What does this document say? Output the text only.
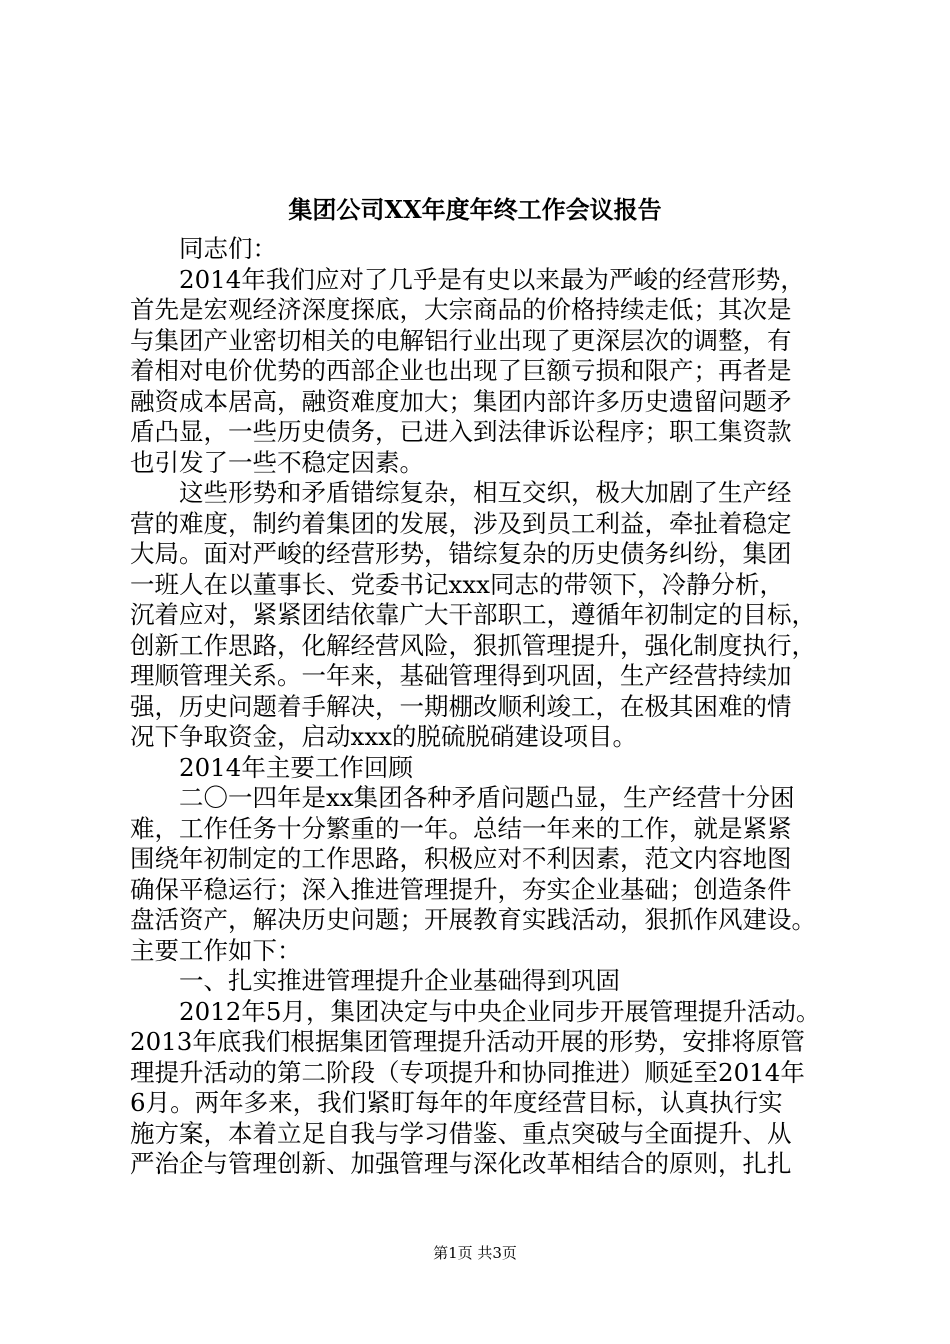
集团公司XX年度年终工作会议报告
同志们：
2014年我们应对了几乎是有史以来最为严峻的经营形势，
首先是宏观经济深度探底，大宗商品的价格持续走低；其次是
与集团产业密切相关的电解铝行业出现了更深层次的调整，有
着相对电价优势的西部企业也出现了巨额亏损和限产；再者是
融资成本居高，融资难度加大；集团内部许多历史遗留问题矛
盾凸显，一些历史债务，已进入到法律诉讼程序；职工集资款
也引发了一些不稳定因素。
这些形势和矛盾错综复杂，相互交织，极大加剧了生产经
营的难度，制约着集团的发展，涉及到员工利益，牵扯着稳定
大局。面对严峻的经营形势，错综复杂的历史债务纠纷，集团
一班人在以董事长、党委书记xxx同志的带领下，冷静分析，
沉着应对，紧紧团结依靠广大干部职工，遵循年初制定的目标，
创新工作思路，化解经营风险，狠抓管理提升，强化制度执行，
理顺管理关系。一年来，基础管理得到巩固，生产经营持续加
强，历史问题着手解决，一期棚改顺利竣工，在极其困难的情
况下争取资金，启动xxx的脱硫脱硝建设项目。
2014年主要工作回顾
二〇一四年是xx集团各种矛盾问题凸显，生产经营十分困
难，工作任务十分繁重的一年。总结一年来的工作，就是紧紧
围绕年初制定的工作思路，积极应对不利因素，范文内容地图
确保平稳运行；深入推进管理提升，夯实企业基础；创造条件
盘活资产，解决历史问题；开展教育实践活动，狠抓作风建设。
主要工作如下：
一、扎实推进管理提升企业基础得到巩固
2012年5月，集团决定与中央企业同步开展管理提升活动。
2013年底我们根据集团管理提升活动开展的形势，安排将原管
理提升活动的第二阶段（专项提升和协同推进）顺延至2014年
6月。两年多来，我们紧盯每年的年度经营目标，认真执行实
施方案，本着立足自我与学习借鉴、重点突破与全面提升、从
严治企与管理创新、加强管理与深化改革相结合的原则，扎扎
第1页 共3页
